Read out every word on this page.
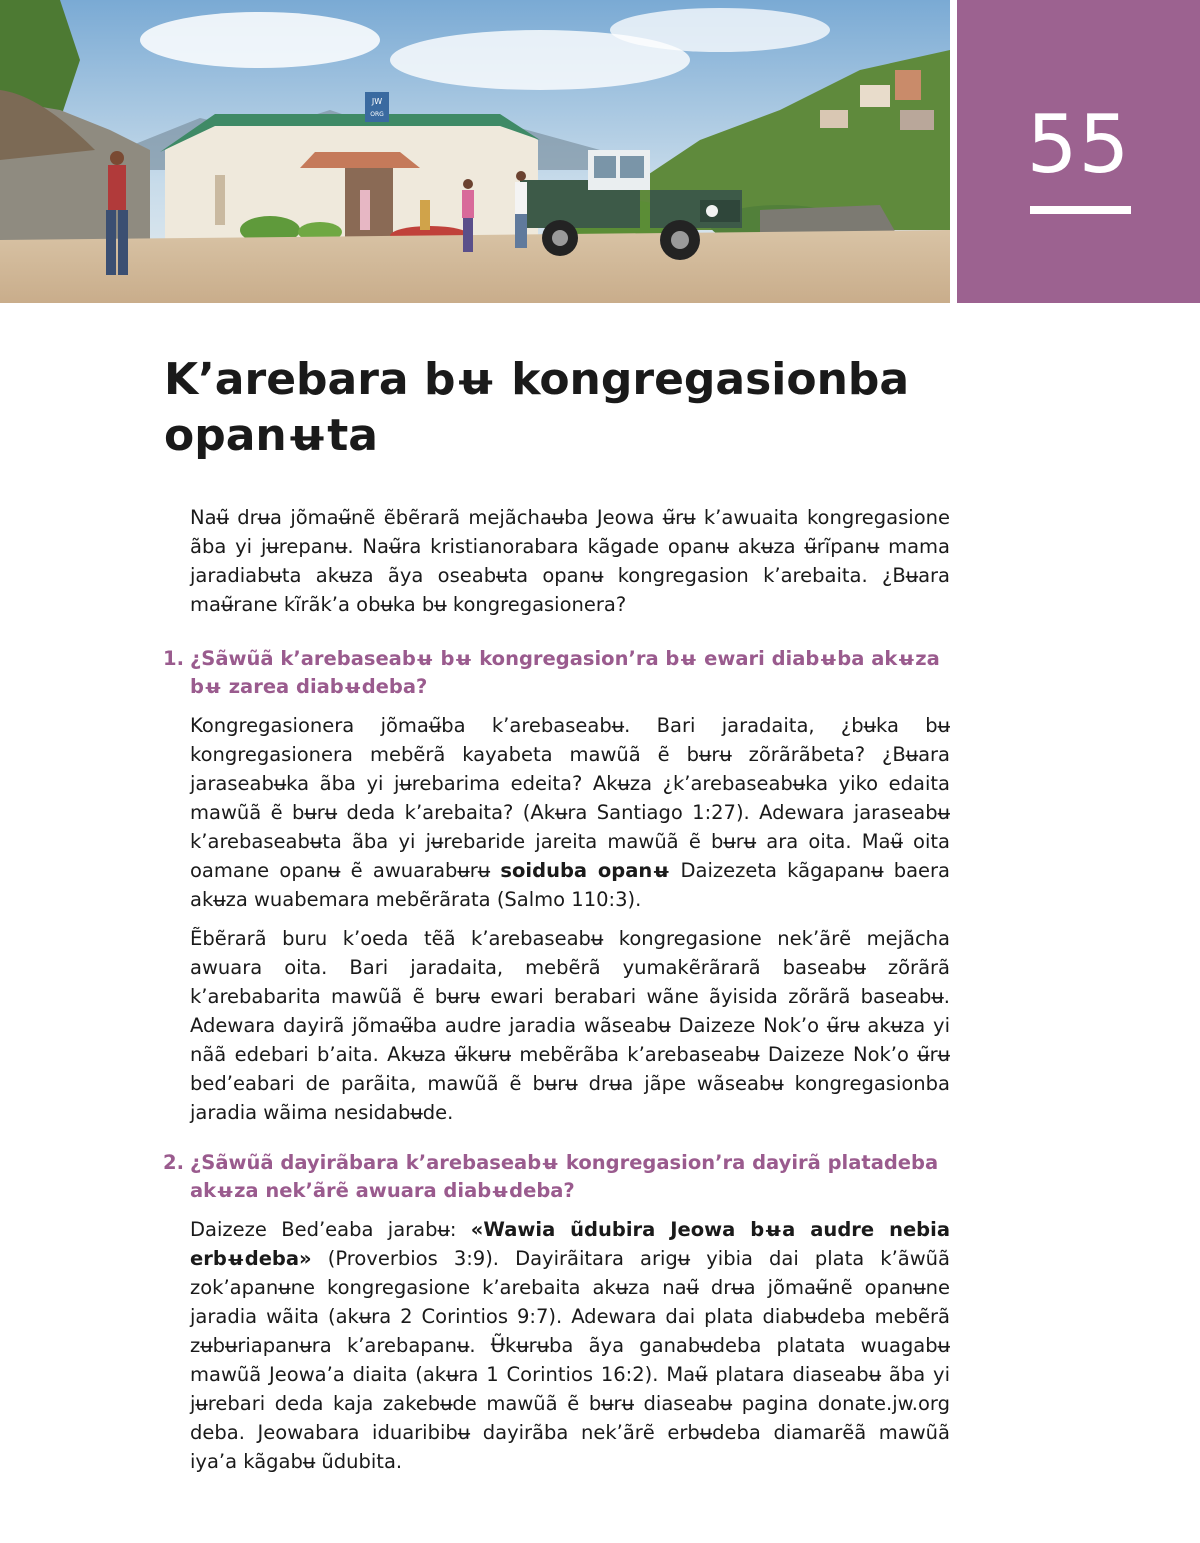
JW
ORG	55
K’arebara bʉ kongregasionba
opanʉta

Naʉ̃ drʉa jõmaʉ̃nẽ ẽbẽrarã mejãchaʉba Jeowa ʉ̃rʉ k’awuaita kongregasione ãba yi jʉrepanʉ. Naʉ̃ra kristianorabara kãgade opanʉ akʉza ʉ̃rĩpanʉ mama jaradiabʉta akʉza ãya oseabʉta opanʉ kongregasion k’arebaita. ¿Bʉara maʉ̃rane kĩrãk’a obʉka bʉ kongregasionera?

1. ¿Sãwũã k’arebaseabʉ bʉ kongregasion’ra bʉ ewari diabʉba akʉza bʉ zarea diabʉdeba?

Kongregasionera jõmaʉ̃ba k’arebaseabʉ. Bari jaradaita, ¿bʉka bʉ kongregasionera mebẽrã kayabeta mawũã ẽ bʉrʉ zõrãrãbeta? ¿Bʉara jaraseabʉka ãba yi jʉrebarima edeita? Akʉza ¿k’arebaseabʉka yiko edaita mawũã ẽ bʉrʉ deda k’arebaita? (Akʉra Santiago 1:27). Adewara jaraseabʉ k’arebaseabʉta ãba yi jʉrebaride jareita mawũã ẽ bʉrʉ ara oita. Maʉ̃ oita oamane opanʉ ẽ awuarabʉrʉ soiduba opanʉ Daizezeta kãgapanʉ baera akʉza wuabemara mebẽrãrata (Salmo 110:3).

Ẽbẽrarã buru k’oeda tẽã k’arebaseabʉ kongregasione nek’ãrẽ mejãcha awuara oita. Bari jaradaita, mebẽrã yumakẽrãrarã baseabʉ zõrãrã k’arebabarita mawũã ẽ bʉrʉ ewari berabari wãne ãyisida zõrãrã baseabʉ. Adewara dayirã jõmaʉ̃ba audre jaradia wãseabʉ Daizeze Nok’o ʉ̃rʉ akʉza yi nãã edebari b’aita. Akʉza ʉ̃kʉrʉ mebẽrãba k’arebaseabʉ Daizeze Nok’o ʉ̃rʉ bed’eabari de parãita, mawũã ẽ bʉrʉ drʉa jãpe wãseabʉ kongregasionba jaradia wãima nesidabʉde.

2. ¿Sãwũã dayirãbara k’arebaseabʉ kongregasion’ra dayirã platadeba akʉza nek’ãrẽ awuara diabʉdeba?

Daizeze Bed’eaba jarabʉ: «Wawia ũdubira Jeowa bʉa audre nebia erbʉdeba» (Proverbios 3:9). Dayirãitara arigʉ yibia dai plata k’ãwũã zok’apanʉne kongregasione k’arebaita akʉza naʉ̃ drʉa jõmaʉ̃nẽ opanʉne jaradia wãita (akʉra 2 Corintios 9:7). Adewara dai plata diabʉdeba mebẽrã zʉbʉriapanʉra k’arebapanʉ. Ʉ̃kʉrʉba ãya ganabʉdeba platata wuagabʉ mawũã Jeowa’a diaita (akʉra 1 Corintios 16:2). Maʉ̃ platara diaseabʉ ãba yi jʉrebari deda kaja zakebʉde mawũã ẽ bʉrʉ diaseabʉ pagina donate.jw.org deba. Jeowabara iduaribibʉ dayirãba nek’ãrẽ erbʉdeba diamarẽã mawũã iya’a kãgabʉ ũdubita.
